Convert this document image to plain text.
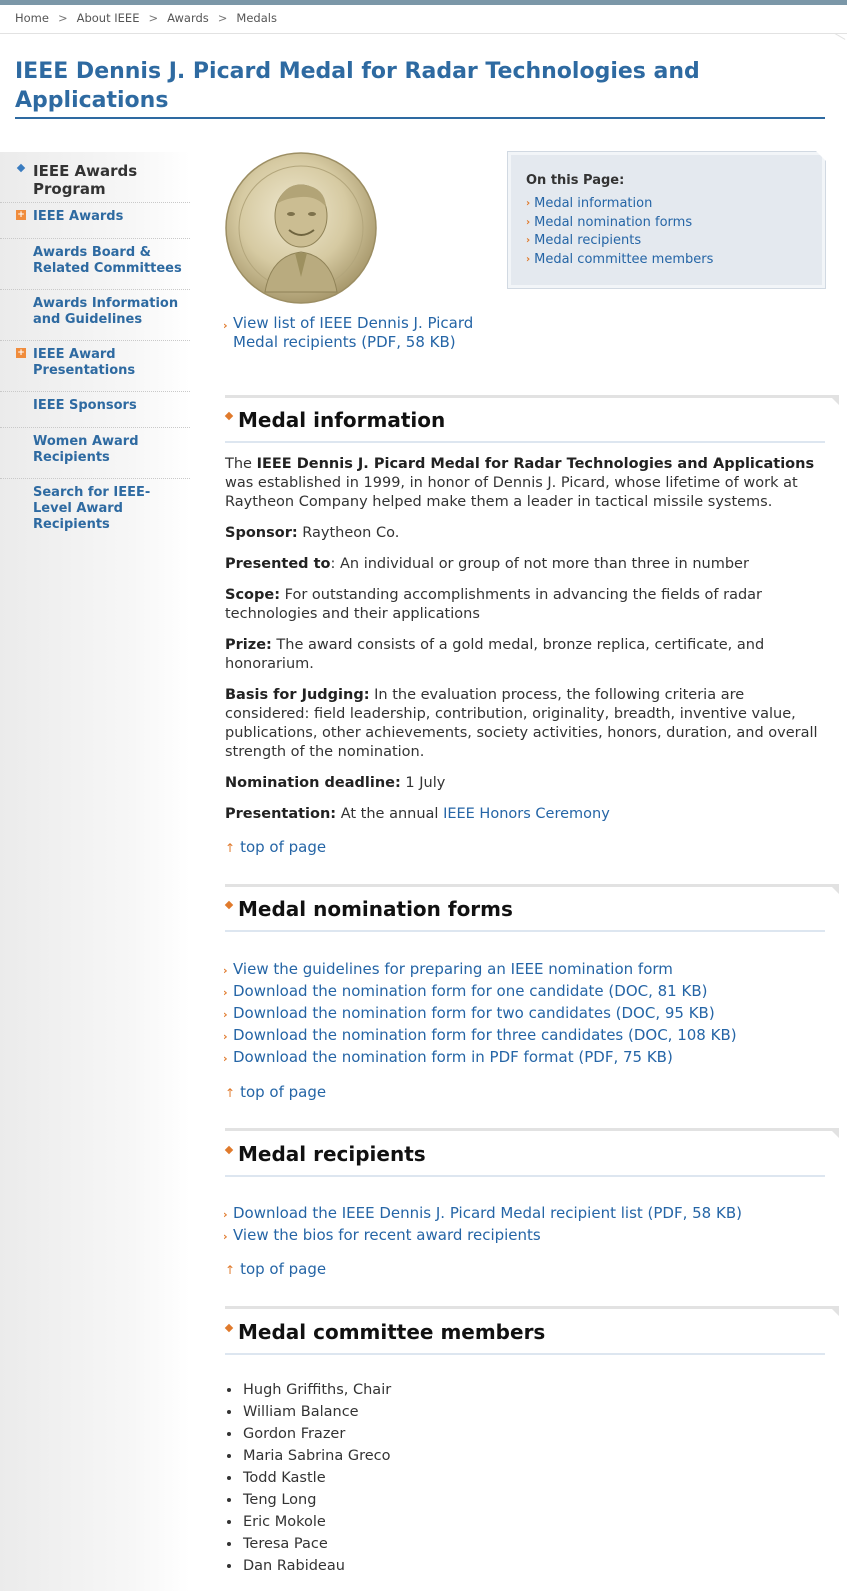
Home > About IEEE > Awards > Medals
IEEE Dennis J. Picard Medal for Radar Technologies and Applications
IEEE Awards Program
+ IEEE Awards
Awards Board & Related Committees
Awards Information and Guidelines
+ IEEE Award Presentations
IEEE Sponsors
Women Award Recipients
Search for IEEE-Level Award Recipients
› View list of IEEE Dennis J. Picard Medal recipients (PDF, 58 KB)
On this Page:
› Medal information
› Medal nomination forms
› Medal recipients
› Medal committee members
Medal information

The IEEE Dennis J. Picard Medal for Radar Technologies and Applications was established in 1999, in honor of Dennis J. Picard, whose lifetime of work at Raytheon Company helped make them a leader in tactical missile systems.

Sponsor: Raytheon Co.

Presented to: An individual or group of not more than three in number

Scope: For outstanding accomplishments in advancing the fields of radar technologies and their applications

Prize: The award consists of a gold medal, bronze replica, certificate, and honorarium.

Basis for Judging: In the evaluation process, the following criteria are considered: field leadership, contribution, originality, breadth, inventive value, publications, other achievements, society activities, honors, duration, and overall strength of the nomination.

Nomination deadline: 1 July

Presentation: At the annual IEEE Honors Ceremony

↑ top of page
Medal nomination forms
› View the guidelines for preparing an IEEE nomination form
› Download the nomination form for one candidate (DOC, 81 KB)
› Download the nomination form for two candidates (DOC, 95 KB)
› Download the nomination form for three candidates (DOC, 108 KB)
› Download the nomination form in PDF format (PDF, 75 KB)
↑ top of page
Medal recipients
› Download the IEEE Dennis J. Picard Medal recipient list (PDF, 58 KB)
› View the bios for recent award recipients
↑ top of page
Medal committee members
Hugh Griffiths, Chair
William Balance
Gordon Frazer
Maria Sabrina Greco
Todd Kastle
Teng Long
Eric Mokole
Teresa Pace
Dan Rabideau
